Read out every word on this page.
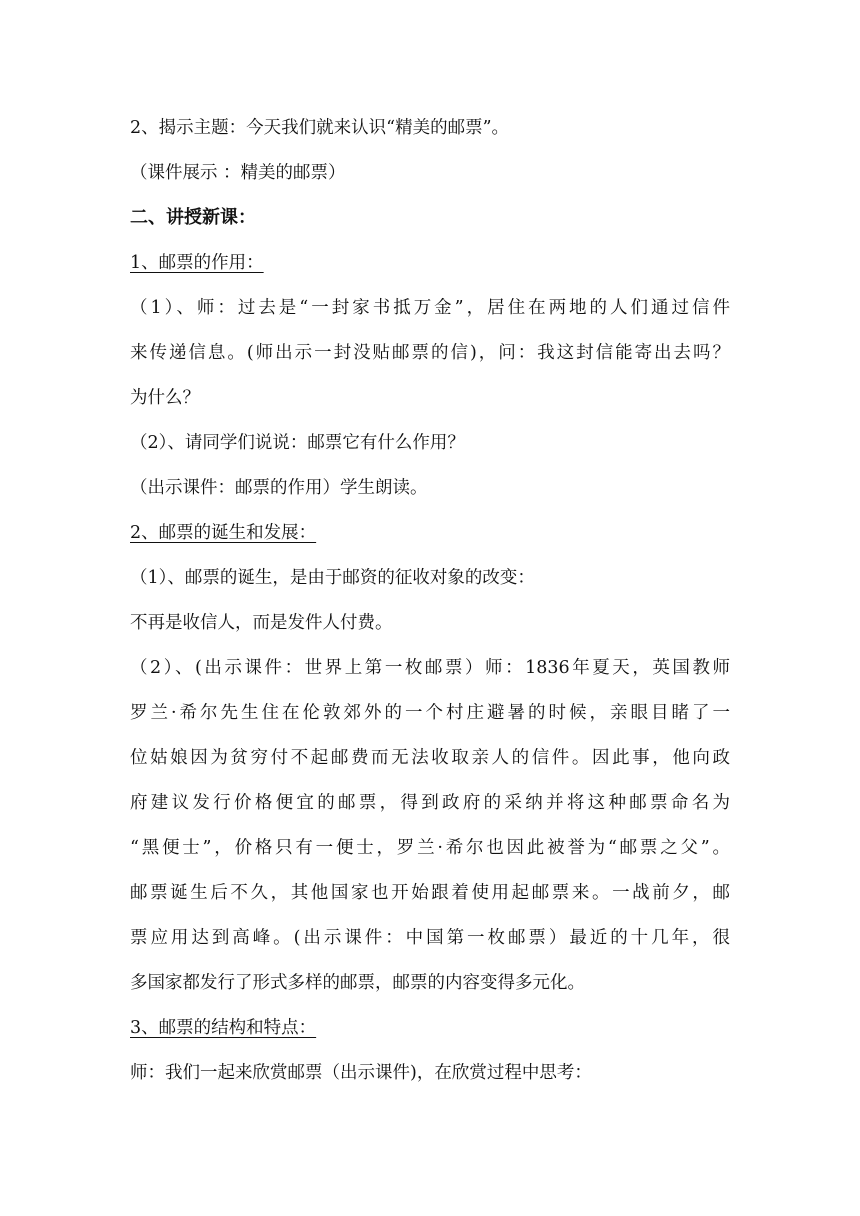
2、揭示主题：今天我们就来认识“精美的邮票”。
（课件展示 ：精美的邮票）
二、讲授新课：
1、邮票的作用：
（1）、师：过去是“一封家书抵万金”，居住在两地的人们通过信件
来传递信息。(师出示一封没贴邮票的信)，问：我这封信能寄出去吗？
为什么？
（2）、请同学们说说：邮票它有什么作用？
（出示课件：邮票的作用）学生朗读。
2、邮票的诞生和发展：
（1）、邮票的诞生，是由于邮资的征收对象的改变：
不再是收信人，而是发件人付费。
（2）、(出示课件：世界上第一枚邮票）师：1836年夏天，英国教师
罗兰·希尔先生住在伦敦郊外的一个村庄避暑的时候，亲眼目睹了一
位姑娘因为贫穷付不起邮费而无法收取亲人的信件。因此事，他向政
府建议发行价格便宜的邮票，得到政府的采纳并将这种邮票命名为
“黑便士”，价格只有一便士，罗兰·希尔也因此被誉为“邮票之父”。
邮票诞生后不久，其他国家也开始跟着使用起邮票来。一战前夕，邮
票应用达到高峰。(出示课件：中国第一枚邮票）最近的十几年，很
多国家都发行了形式多样的邮票，邮票的内容变得多元化。
3、邮票的结构和特点：
师：我们一起来欣赏邮票（出示课件)，在欣赏过程中思考：
